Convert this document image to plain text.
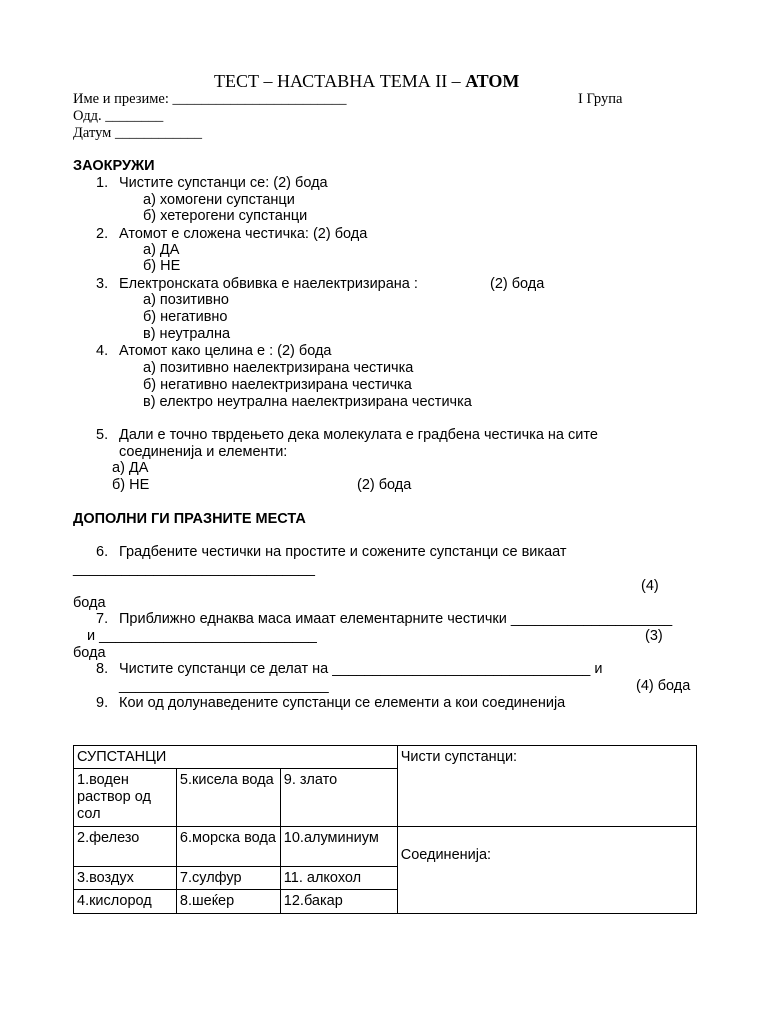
ТЕСТ – НАСТАВНА ТЕМА II – АТОМ
Име и презиме: ________________________	I Група
Одд. ________
Датум ____________
ЗАОКРУЖИ
1. Чистите супстанци се: (2) бода
а) хомогени супстанци
б) хетерогени супстанци
2. Атомот е сложена честичка: (2) бода
а) ДА
б) НЕ
3. Електронската обвивка е наелектризирана :	(2) бода
а) позитивно
б) негативно
в) неутрална
4. Атомот како целина е : (2) бода
а) позитивно наелектризирана честичка
б) негативно наелектризирана честичка
в) електро неутрална наелектризирана честичка
5. Дали е точно тврдењето дека молекулата е градбена честичка на сите
соединенија и елементи:
а) ДА
б) НЕ	(2) бода
ДОПОЛНИ ГИ ПРАЗНИТЕ МЕСТА
6. Градбените честички на простите и сожените супстанци се викаат
______________________________
(4)
бода
7. Приближно еднаква маса имаат елементарните честички ____________________
и ___________________________	(3)
бода
8. Чистите супстанци се делат на ________________________________ и
__________________________	(4) бода
9. Кои од долунаведените супстанци се елементи а кои соединенија
СУПСТАНЦИ			Чисти супстанци:
1.воден раствор од сол	5.кисела вода	9. злато	
2.фелезо	6.морска вода	10.алуминиум	Соединенија:
3.воздух	7.сулфур	11. алкохол	
4.кислород	8.шеќер	12.бакар	
